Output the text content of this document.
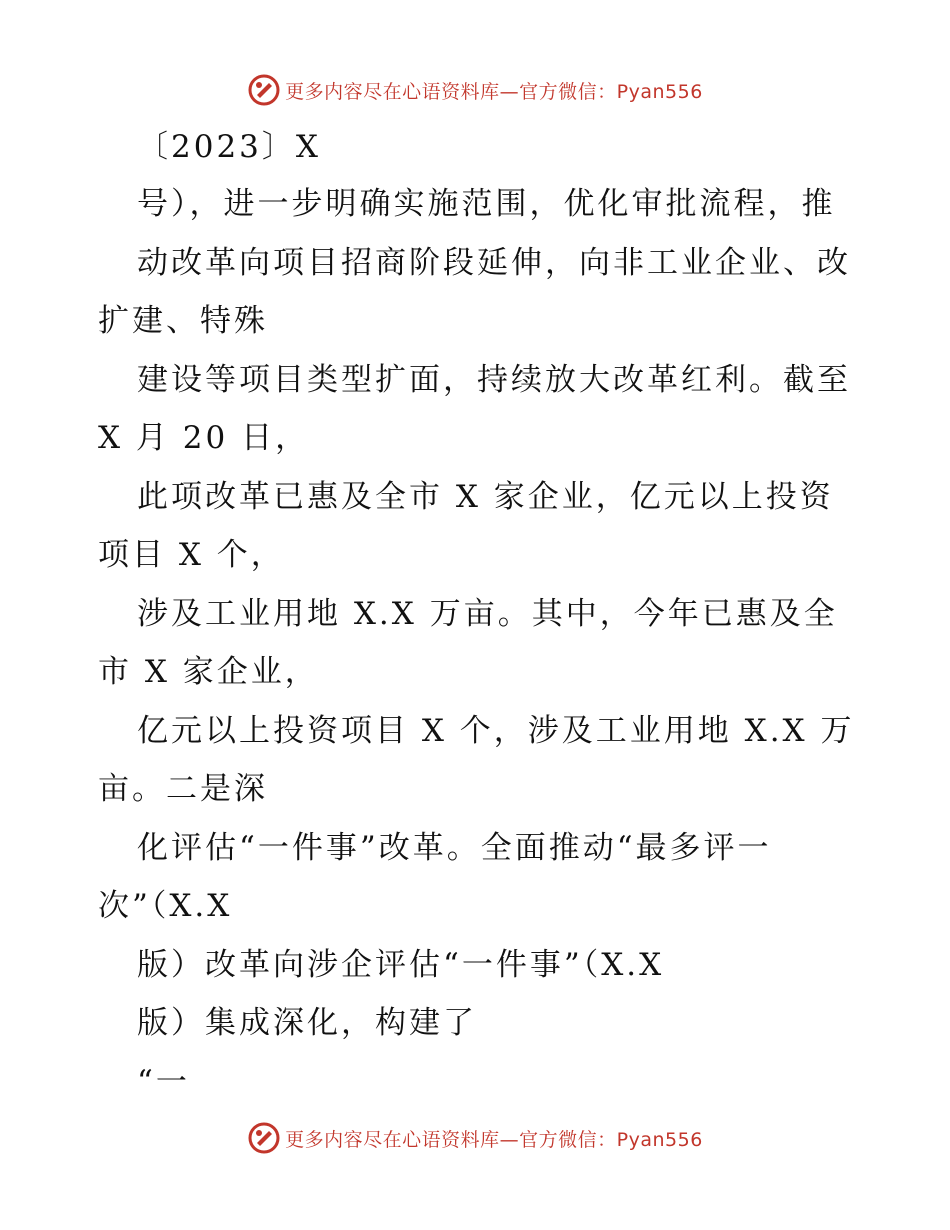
更多内容尽在心语资料库—官方微信：Pyan556
〔2023〕X
号），进一步明确实施范围，优化审批流程，推
动改革向项目招商阶段延伸，向非工业企业、改
扩建、特殊
建设等项目类型扩面，持续放大改革红利。截至
X 月 20 日，
此项改革已惠及全市 X 家企业，亿元以上投资
项目 X 个，
涉及工业用地 X.X 万亩。其中，今年已惠及全
市 X 家企业，
亿元以上投资项目 X 个，涉及工业用地 X.X 万
亩。二是深
化评估“一件事”改革。全面推动“最多评一
次”（X.X
版）改革向涉企评估“一件事”（X.X
版）集成深化，构建了
“一
更多内容尽在心语资料库—官方微信：Pyan556
